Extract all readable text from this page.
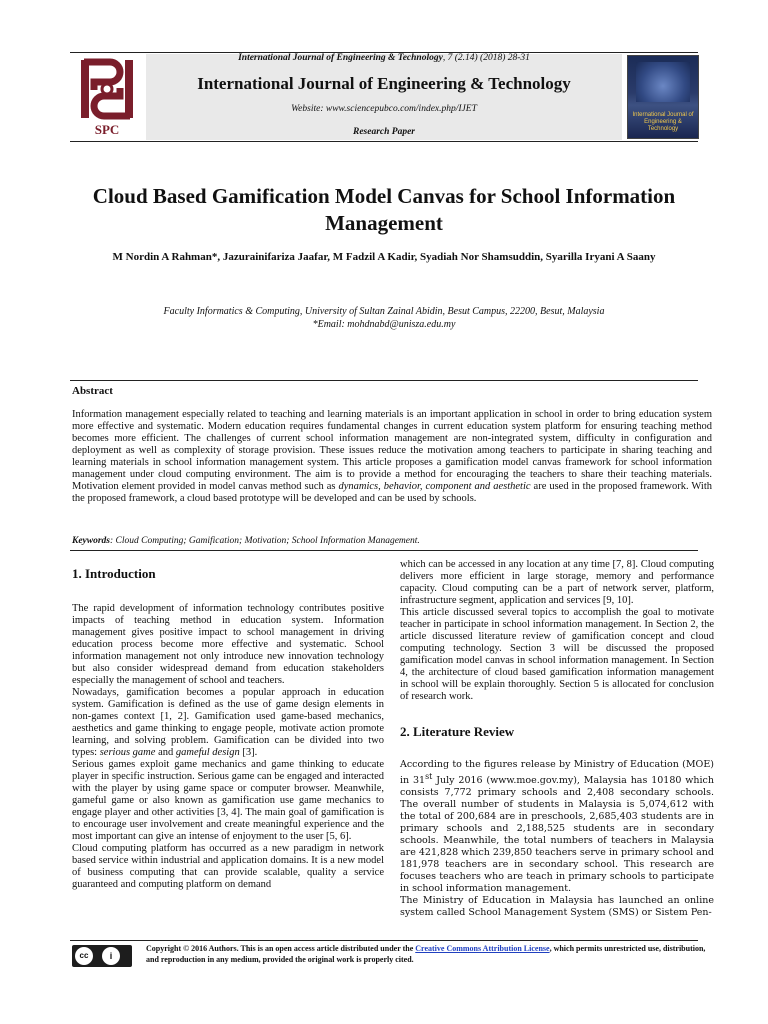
SPC
International Journal of Engineering & Technology, 7 (2.14) (2018) 28-31
International Journal of Engineering & Technology
Website: www.sciencepubco.com/index.php/IJET
Research Paper
International Journal of Engineering & Technology
Cloud Based Gamification Model Canvas for School Information Management
M Nordin A Rahman*, Jazurainifariza Jaafar, M Fadzil A Kadir, Syadiah Nor Shamsuddin, Syarilla Iryani A Saany
Faculty Informatics & Computing, University of Sultan Zainal Abidin, Besut Campus, 22200, Besut, Malaysia
*Email: mohdnabd@unisza.edu.my
Abstract
Information management especially related to teaching and learning materials is an important application in school in order to bring education system more effective and systematic. Modern education requires fundamental changes in current education system platform for ensuring teaching method becomes more efficient. The challenges of current school information management are non-integrated system, difficulty in configuration and deployment as well as complexity of storage provision. These issues reduce the motivation among teachers to participate in sharing teaching and learning materials in school information management system. This article proposes a gamification model canvas framework for school information management under cloud computing environment. The aim is to provide a method for encouraging the teachers to share their teaching materials. Motivation element provided in model canvas method such as dynamics, behavior, component and aesthetic are used in the proposed framework. With the proposed framework, a cloud based prototype will be developed and can be used by schools.
Keywords: Cloud Computing; Gamification; Motivation; School Information Management.
1. Introduction

The rapid development of information technology contributes positive impacts of teaching method in education system. Information management gives positive impact to school management in driving education process become more effective and systematic. School information management not only introduce new innovation technology but also consider widespread demand from education stakeholders especially the management of school and teachers.

Nowadays, gamification becomes a popular approach in education system. Gamification is defined as the use of game design elements in non-games context [1, 2]. Gamification used game-based mechanics, aesthetics and game thinking to engage people, motivate action promote learning, and solving problem. Gamification can be divided into two types: serious game and gameful design [3].

Serious games exploit game mechanics and game thinking to educate player in specific instruction. Serious game can be engaged and interacted with the player by using game space or computer browser. Meanwhile, gameful game or also known as gamification use game mechanics to engage player and other activities [3, 4]. The main goal of gamification is to encourage user involvement and create meaningful experience and the most important can give an intense of enjoyment to the user [5, 6].

Cloud computing platform has occurred as a new paradigm in network based service within industrial and application domains. It is a new model of business computing that can provide scalable, quality a service guaranteed and computing platform on demand

which can be accessed in any location at any time [7, 8]. Cloud computing delivers more efficient in large storage, memory and performance capacity. Cloud computing can be a part of network server, platform, infrastructure segment, application and services [9, 10].

This article discussed several topics to accomplish the goal to motivate teacher in participate in school information management. In Section 2, the article discussed literature review of gamification concept and cloud computing technology. Section 3 will be discussed the proposed gamification model canvas in school information management. In Section 4, the architecture of cloud based gamification information management in school will be explain thoroughly. Section 5 is allocated for conclusion of research work.

2. Literature Review

According to the figures release by Ministry of Education (MOE) in 31st July 2016 (www.moe.gov.my), Malaysia has 10180 which consists 7,772 primary schools and 2,408 secondary schools. The overall number of students in Malaysia is 5,074,612 with the total of 200,684 are in preschools, 2,685,403 students are in primary schools and 2,188,525 students are in secondary schools. Meanwhile, the total numbers of teachers in Malaysia are 421,828 which 239,850 teachers serve in primary school and 181,978 teachers are in secondary school. This research are focuses teachers who are teach in primary schools to participate in school information management.

The Ministry of Education in Malaysia has launched an online system called School Management System (SMS) or Sistem Pen-

cc	i
Copyright © 2016 Authors. This is an open access article distributed under the Creative Commons Attribution License, which permits unrestricted use, distribution, and reproduction in any medium, provided the original work is properly cited.
